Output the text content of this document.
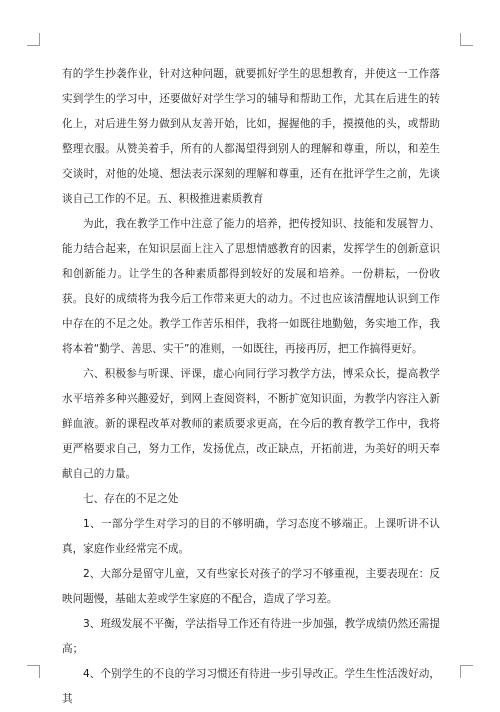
有的学生抄袭作业，针对这种问题，就要抓好学生的思想教育，并使这一工作落实到学生的学习中，还要做好对学生学习的辅导和帮助工作，尤其在后进生的转化上，对后进生努力做到从友善开始，比如，握握他的手，摸摸他的头，或帮助整理衣服。从赞美着手，所有的人都渴望得到别人的理解和尊重，所以，和差生交谈时，对他的处境、想法表示深刻的理解和尊重，还有在批评学生之前，先谈谈自己工作的不足。五、积极推进素质教育

为此，我在教学工作中注意了能力的培养，把传授知识、技能和发展智力、能力结合起来，在知识层面上注入了思想情感教育的因素，发挥学生的创新意识和创新能力。让学生的各种素质都得到较好的发展和培养。一份耕耘，一份收获。良好的成绩将为我今后工作带来更大的动力。不过也应该清醒地认识到工作中存在的不足之处。教学工作苦乐相伴，我将一如既往地勤勉，务实地工作，我将本着“勤学、善思、实干”的准则，一如既往，再接再厉，把工作搞得更好。

六、积极参与听课、评课，虚心向同行学习教学方法，博采众长，提高教学水平培养多种兴趣爱好，到网上查阅资料，不断扩宽知识面，为教学内容注入新鲜血液。新的课程改革对教师的素质要求更高，在今后的教育教学工作中，我将更严格要求自己，努力工作，发扬优点，改正缺点，开拓前进，为美好的明天奉献自己的力量。

七、存在的不足之处

1、一部分学生对学习的目的不够明确，学习态度不够端正。上课听讲不认真，家庭作业经常完不成。

2、大部分是留守儿童，又有些家长对孩子的学习不够重视，主要表现在：反映问题慢，基础太差或学生家庭的不配合，造成了学习差。

3、班级发展不平衡，学法指导工作还有待进一步加强，教学成绩仍然还需提高；

4、个别学生的不良的学习习惯还有待进一步引导改正。学生生性活泼好动，其
